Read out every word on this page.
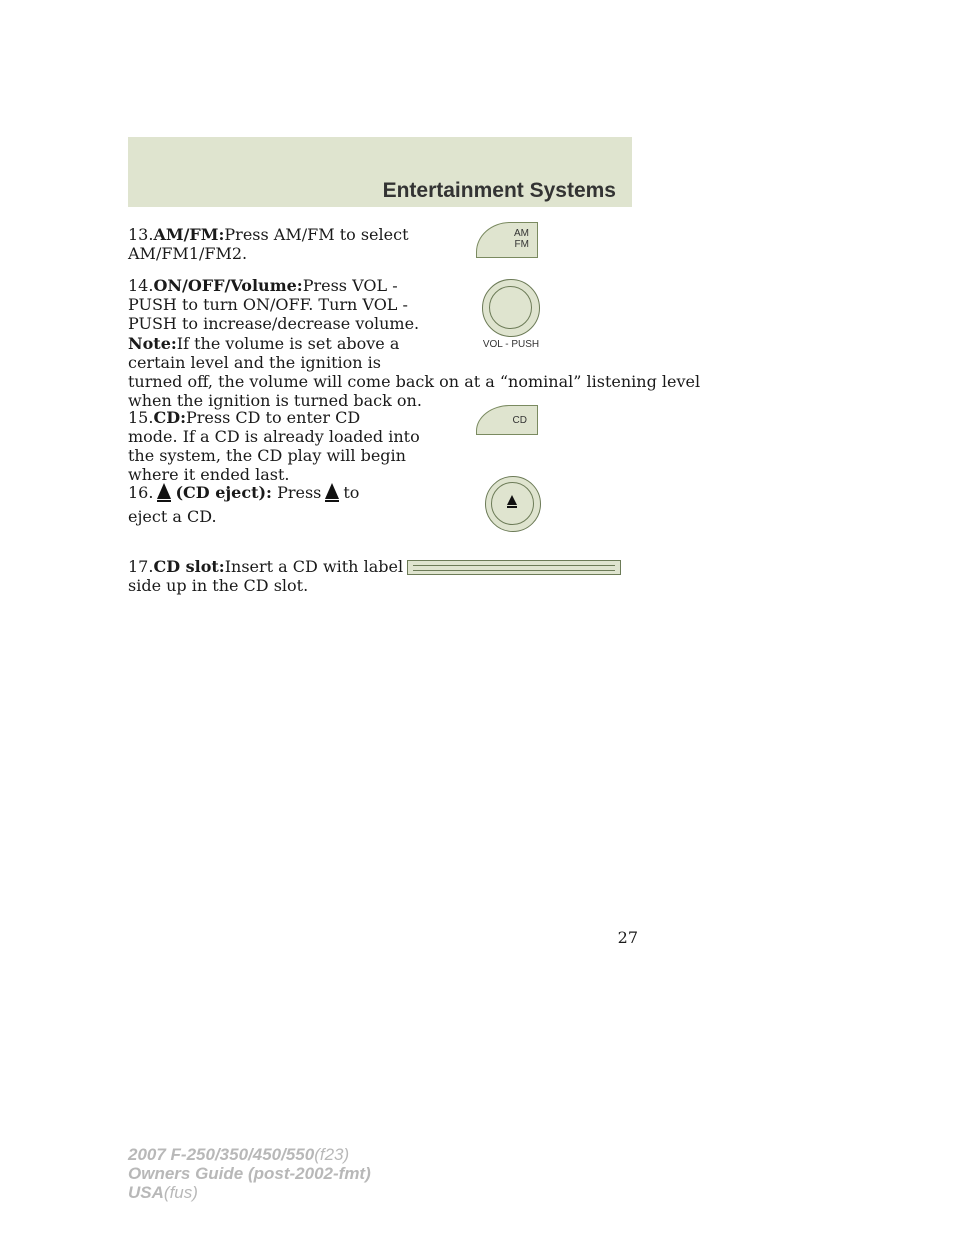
Entertainment Systems
13.AM/FM:Press AM/FM to select
AM/FM1/FM2.
14.ON/OFF/Volume:Press VOL -
PUSH to turn ON/OFF. Turn VOL -
PUSH to increase/decrease volume.
Note:If the volume is set above a
certain level and the ignition is
turned off, the volume will come back on at a “nominal” listening level
when the ignition is turned back on.
15.CD:Press CD to enter CD
mode. If a CD is already loaded into
the system, the CD play will begin
where it ended last.
16. (CD eject): Press to
eject a CD.
17.CD slot:Insert a CD with label
side up in the CD slot.
AM
FM
VOL - PUSH
CD
27
2007 F-250/350/450/550(f23)
Owners Guide (post-2002-fmt)
USA(fus)
